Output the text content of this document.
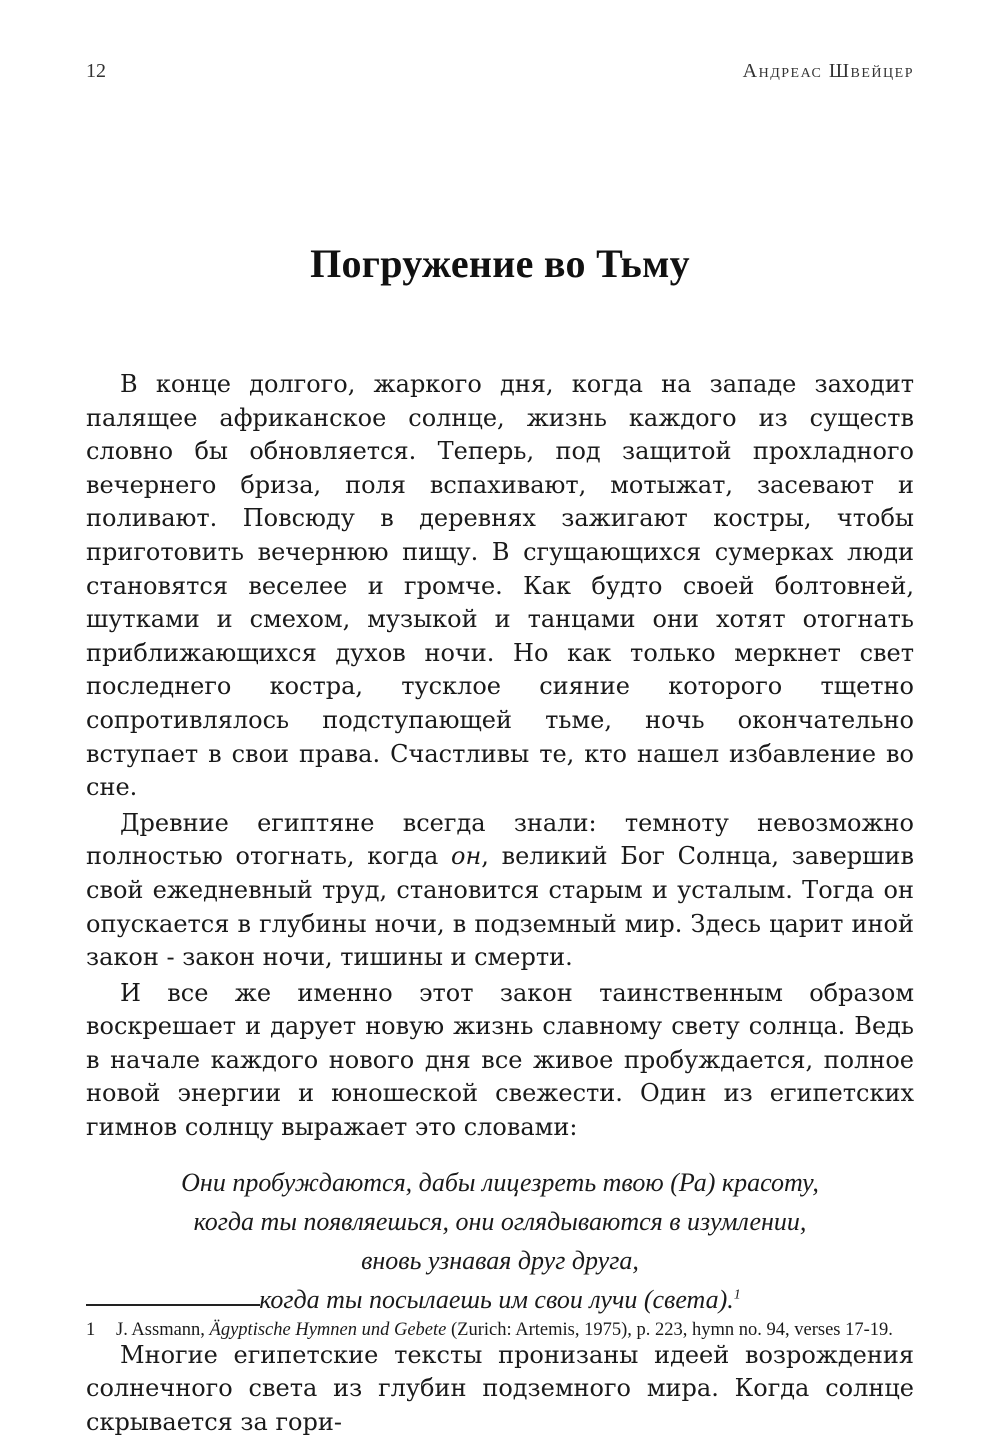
12	Андреас Швейцер
Погружение во Тьму

В конце долгого, жаркого дня, когда на западе заходит палящее африканское солнце, жизнь каждого из существ словно бы обновляется. Теперь, под защитой прохладного вечернего бриза, поля вспахивают, мотыжат, засевают и поливают. Повсюду в деревнях зажигают костры, чтобы приготовить вечернюю пищу. В сгущающихся сумерках люди становятся веселее и громче. Как будто своей болтовней, шутками и смехом, музыкой и танцами они хотят отогнать приближающихся духов ночи. Но как только меркнет свет последнего костра, тусклое сияние которого тщетно сопротивлялось подступающей тьме, ночь окончательно вступает в свои права. Счастливы те, кто нашел избавление во сне.

Древние египтяне всегда знали: темноту невозможно полностью отогнать, когда он, великий Бог Солнца, завершив свой ежедневный труд, становится старым и усталым. Тогда он опускается в глубины ночи, в подземный мир. Здесь царит иной закон - закон ночи, тишины и смерти.

И все же именно этот закон таинственным образом воскрешает и дарует новую жизнь славному свету солнца. Ведь в начале каждого нового дня все живое пробуждается, полное новой энергии и юношеской свежести. Один из египетских гимнов солнцу выражает это словами:

Они пробуждаются, дабы лицезреть твою (Ра) красоту,
когда ты появляешься, они оглядываются в изумлении,
вновь узнавая друг друга,
когда ты посылаешь им свои лучи (света).$^1$

Многие египетские тексты пронизаны идеей возрождения солнечного света из глубин подземного мира. Когда солнце скрывается за гори-

1 J. Assmann, Ägyptische Hymnen und Gebete (Zurich: Artemis, 1975), p. 223, hymn no. 94, verses 17-19.
